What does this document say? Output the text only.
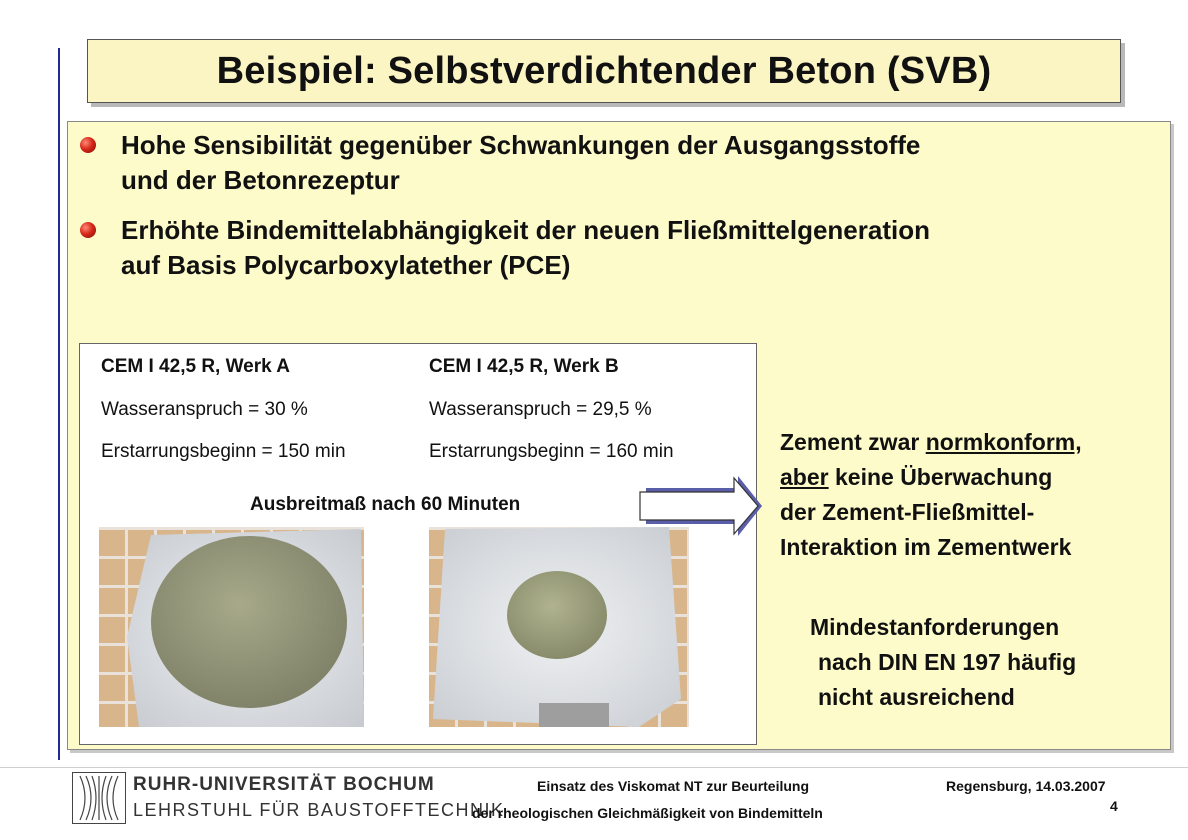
Beispiel: Selbstverdichtender Beton (SVB)
Hohe Sensibilität gegenüber Schwankungen der Ausgangsstoffe
und der Betonrezeptur
Erhöhte Bindemittelabhängigkeit der neuen Fließmittelgeneration
auf Basis Polycarboxylatether (PCE)
CEM I 42,5 R, Werk A
Wasseranspruch = 30 %
Erstarrungsbeginn = 150 min
CEM I 42,5 R, Werk B
Wasseranspruch = 29,5 %
Erstarrungsbeginn = 160 min
Ausbreitmaß nach 60 Minuten
Zement zwar normkonform,
aber keine Überwachung
der Zement-Fließmittel-
Interaktion im Zementwerk
Mindestanforderungen
nach DIN EN 197 häufig
nicht ausreichend
RUHR-UNIVERSITÄT BOCHUM
LEHRSTUHL FÜR BAUSTOFFTECHNIK
Einsatz des Viskomat NT zur Beurteilung
der rheologischen Gleichmäßigkeit von Bindemitteln
Regensburg, 14.03.2007
4
